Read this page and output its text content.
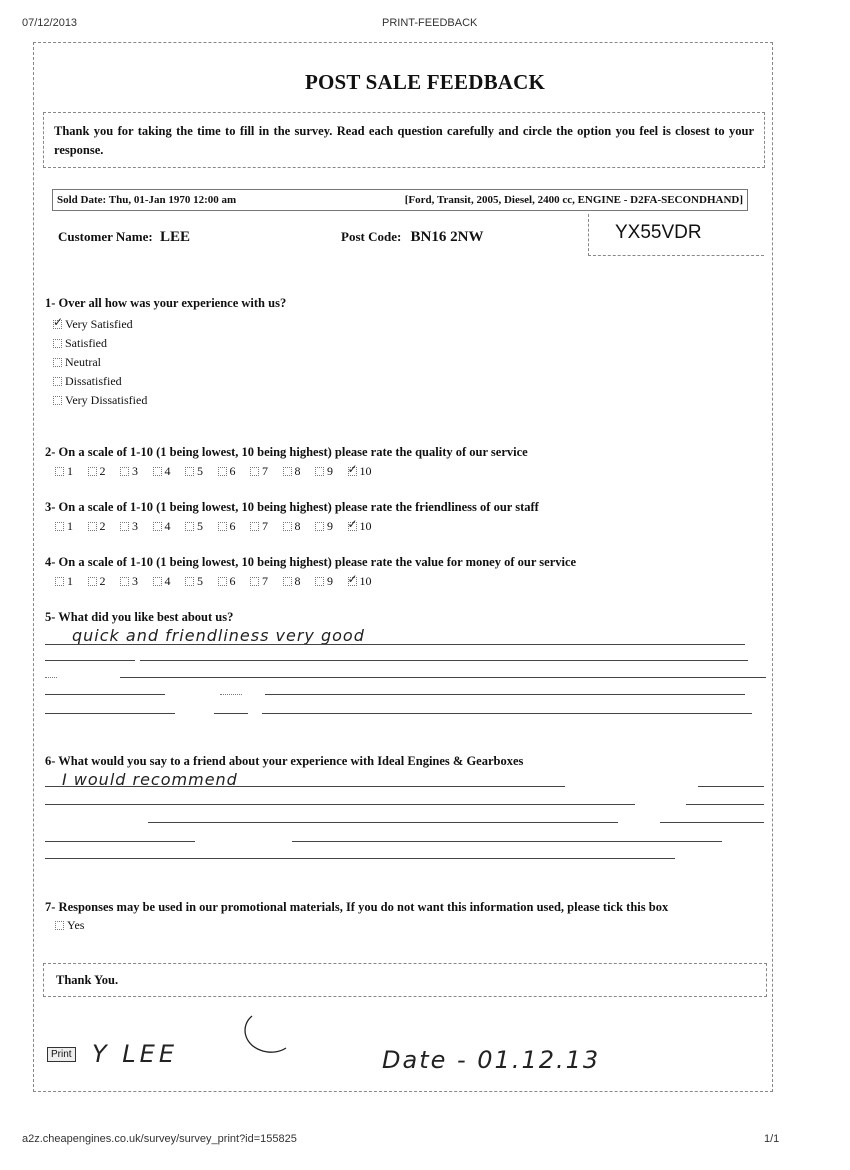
07/12/2013	PRINT-FEEDBACK
POST SALE FEEDBACK
Thank you for taking the time to fill in the survey. Read each question carefully and circle the option you feel is closest to your response.
Sold Date: Thu, 01-Jan 1970 12:00 am	[Ford, Transit, 2005, Diesel, 2400 cc, ENGINE - D2FA-SECONDHAND]
Customer Name: LEE	Post Code: BN16 2NW	YX55VDR
1- Over all how was your experience with us?
✓
Very Satisfied
Satisfied
Neutral
Dissatisfied
Very Dissatisfied
2- On a scale of 1-10 (1 being lowest, 10 being highest) please rate the quality of our service
1 2 3 4 5 6 7 8 9 ✓ 10
3- On a scale of 1-10 (1 being lowest, 10 being highest) please rate the friendliness of our staff
1 2 3 4 5 6 7 8 9 ✓ 10
4- On a scale of 1-10 (1 being lowest, 10 being highest) please rate the value for money of our service
1 2 3 4 5 6 7 8 9 ✓ 10
5- What did you like best about us?
quick and friendliness very good
6- What would you say to a friend about your experience with Ideal Engines & Gearboxes
I would recommend
7- Responses may be used in our promotional materials, If you do not want this information used, please tick this box
Yes
Thank You.
Print Y LEE	Date - 01.12.13
a2z.cheapengines.co.uk/survey/survey_print?id=155825	1/1
